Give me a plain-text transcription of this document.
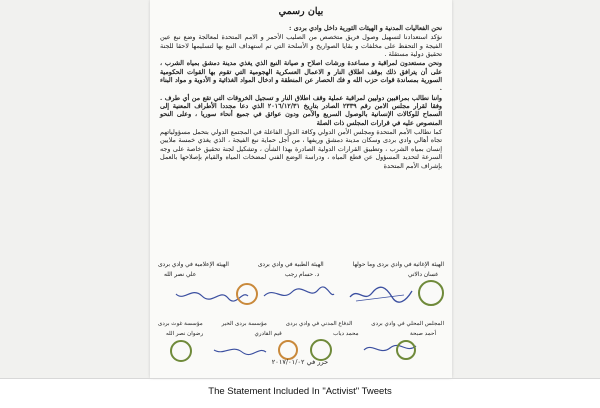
بيان رسمي

نحن الفعاليات المدنية و الهيئات الثورية داخل وادي بردى :

نؤكد استعدادنا لتسهيل وصول فريق متخصص من الصليب الأحمر و الامم المتحدة لمعالجة وضع نبع عين الفيجة و التحفظ على مخلفات و بقايا الصواريخ و الأسلحة التي تم استهداف النبع بها لتسليمها لاحقا للجنة تحقيق دولية مستقلة .

ونحن مستعدون لمراقبة و مساعدة ورشات اصلاح و صيانة النبع الذي يغذي مدينة دمشق بمياه الشرب ، على أن يترافق ذلك بوقف اطلاق النار و الاعمال العسكرية الهجومية التي تقوم بها القوات الحكومية السورية بمساندة قوات حزب الله و فك الحصار عن المنطقة و ادخال المواد الغذائية و الأدوية و مواد البناء .

واننا نطالب بمراقبين دوليين لمراقبة عملية وقف اطلاق النار و تسجيل الخروقات التي تقع من أي طرف . وفقا لقرار مجلس الامن رقم ٢٣٣٩ الصادر بتاريخ ٢٠١٦/١٢/٣١ الذي دعا مجددا الأطراف المعنية إلى السماح للوكالات الإنسانية بالوصول السريع والآمن ودون عوائق في جميع أنحاء سوريا ، وعلى النحو المنصوص عليه في قرارات المجلس ذات الصلة

كما نطالب الأمم المتحدة ومجلس الأمن الدولي وكافة الدول الفاعلة في المجتمع الدولي بتحمل مسؤولياتهم تجاه أهالي وادي بردى وسكان مدينة دمشق وريفها ، من أجل حماية نبع الفيجة ، الذي يغذي خمسة ملايين إنسان بمياه الشرب ، وتطبيق القرارات الدولية الصادرة بهذا الشأن ، وتشكيل لجنة تحقيق خاصة على وجه السرعة لتحديد المسؤول عن قطع المياه ، ودراسة الوضع الفني لمضخات المياه والقيام بإصلاحها بالعمل بإشراف الأمم المتحدة

الهيئة الإغاثية في وادي بردى وما حولها
الهيئة الطبية في وادي بردى
الهيئة الإعلامية في وادي بردى
غسان دالاتي
د. حسام رجب
علي نصر الله
المجلس المحلي في وادي بردى
الدفاع المدني في وادي بردى
مؤسسة بردى الخير
مؤسسة غوث بردى
أحمد صبحة
محمد دياب
قيم القادري
رضوان نصر الله
حرر في ٢٠١٧/٠١/٠٢
The Statement Included In "Activist" Tweets
